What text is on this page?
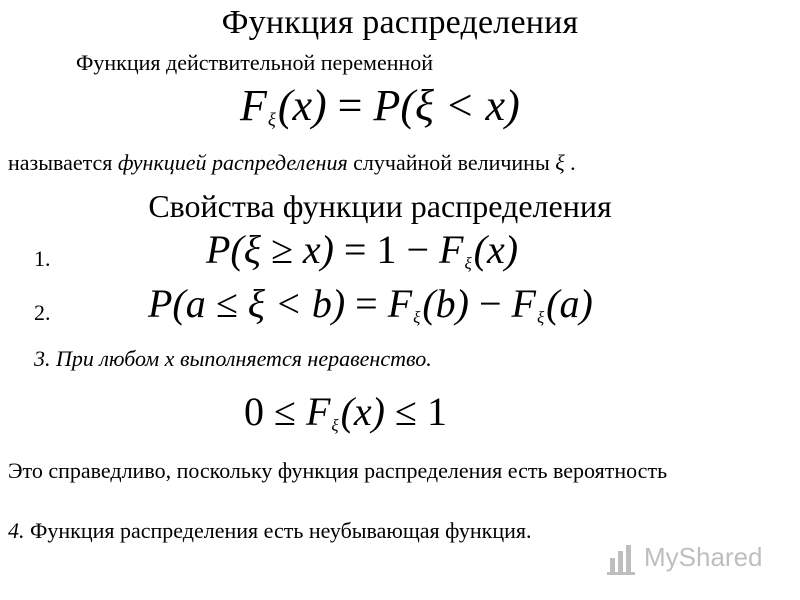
Функция распределения
Функция действительной переменной
$F_\xi(x) = P(\xi < x)$
называется функцией распределения случайной величины ξ .
Свойства функции распределения
1.	$P(\xi \ge x) = 1 - F_\xi(x)$
2. $P(a \le \xi < b) = F_\xi(b) - F_\xi(a)$
3. При любом x выполняется неравенство.
$0 \le F_\xi(x) \le 1$
Это справедливо, поскольку функция распределения есть вероятность
4. Функция распределения есть неубывающая функция.
MyShared
